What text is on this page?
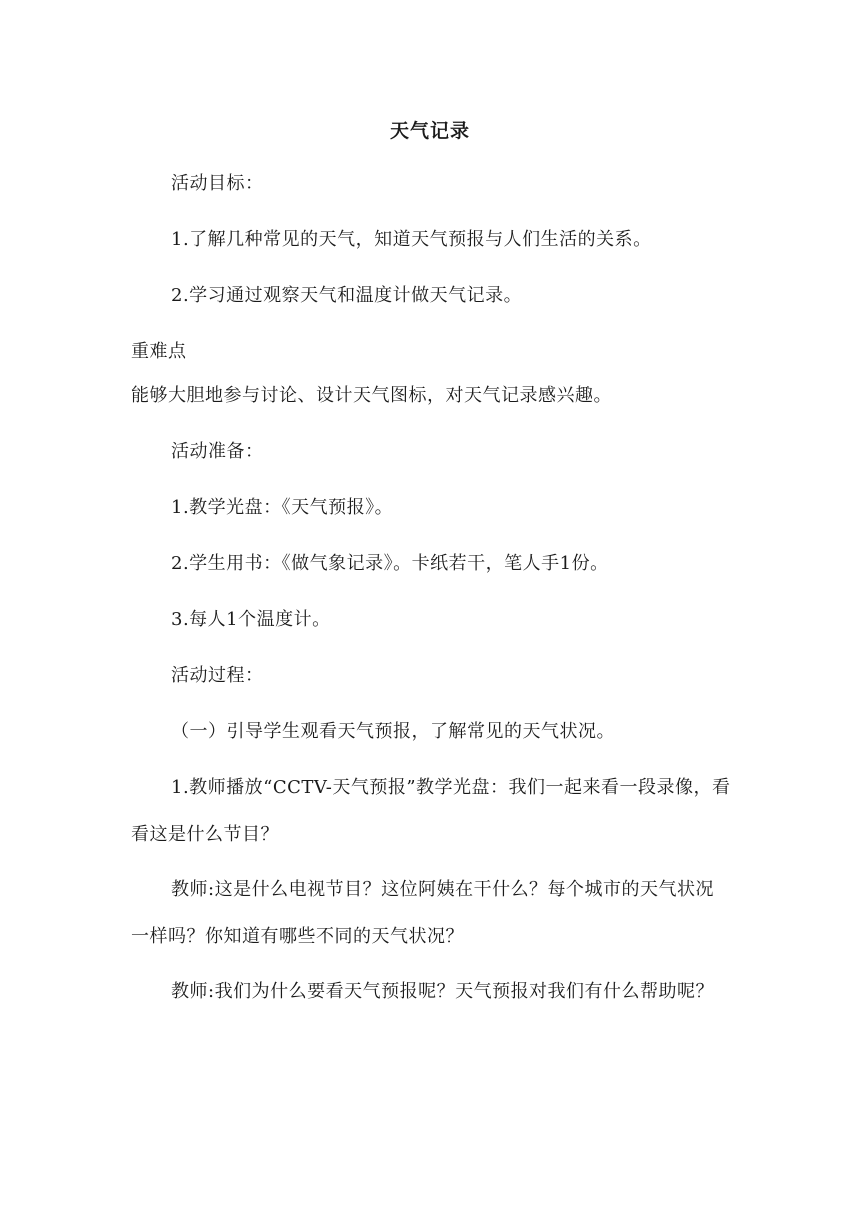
天气记录
活动目标：
1.了解几种常见的天气，知道天气预报与人们生活的关系。
2.学习通过观察天气和温度计做天气记录。
重难点
能够大胆地参与讨论、设计天气图标，对天气记录感兴趣。
活动准备：
1.教学光盘：《天气预报》。
2.学生用书：《做气象记录》。卡纸若干，笔人手1份。
3.每人1个温度计。
活动过程：
（一）引导学生观看天气预报，了解常见的天气状况。
1.教师播放“CCTV-天气预报”教学光盘：我们一起来看一段录像，看看这是什么节目？
教师:这是什么电视节目？这位阿姨在干什么？每个城市的天气状况一样吗？你知道有哪些不同的天气状况？
教师:我们为什么要看天气预报呢？天气预报对我们有什么帮助呢？
